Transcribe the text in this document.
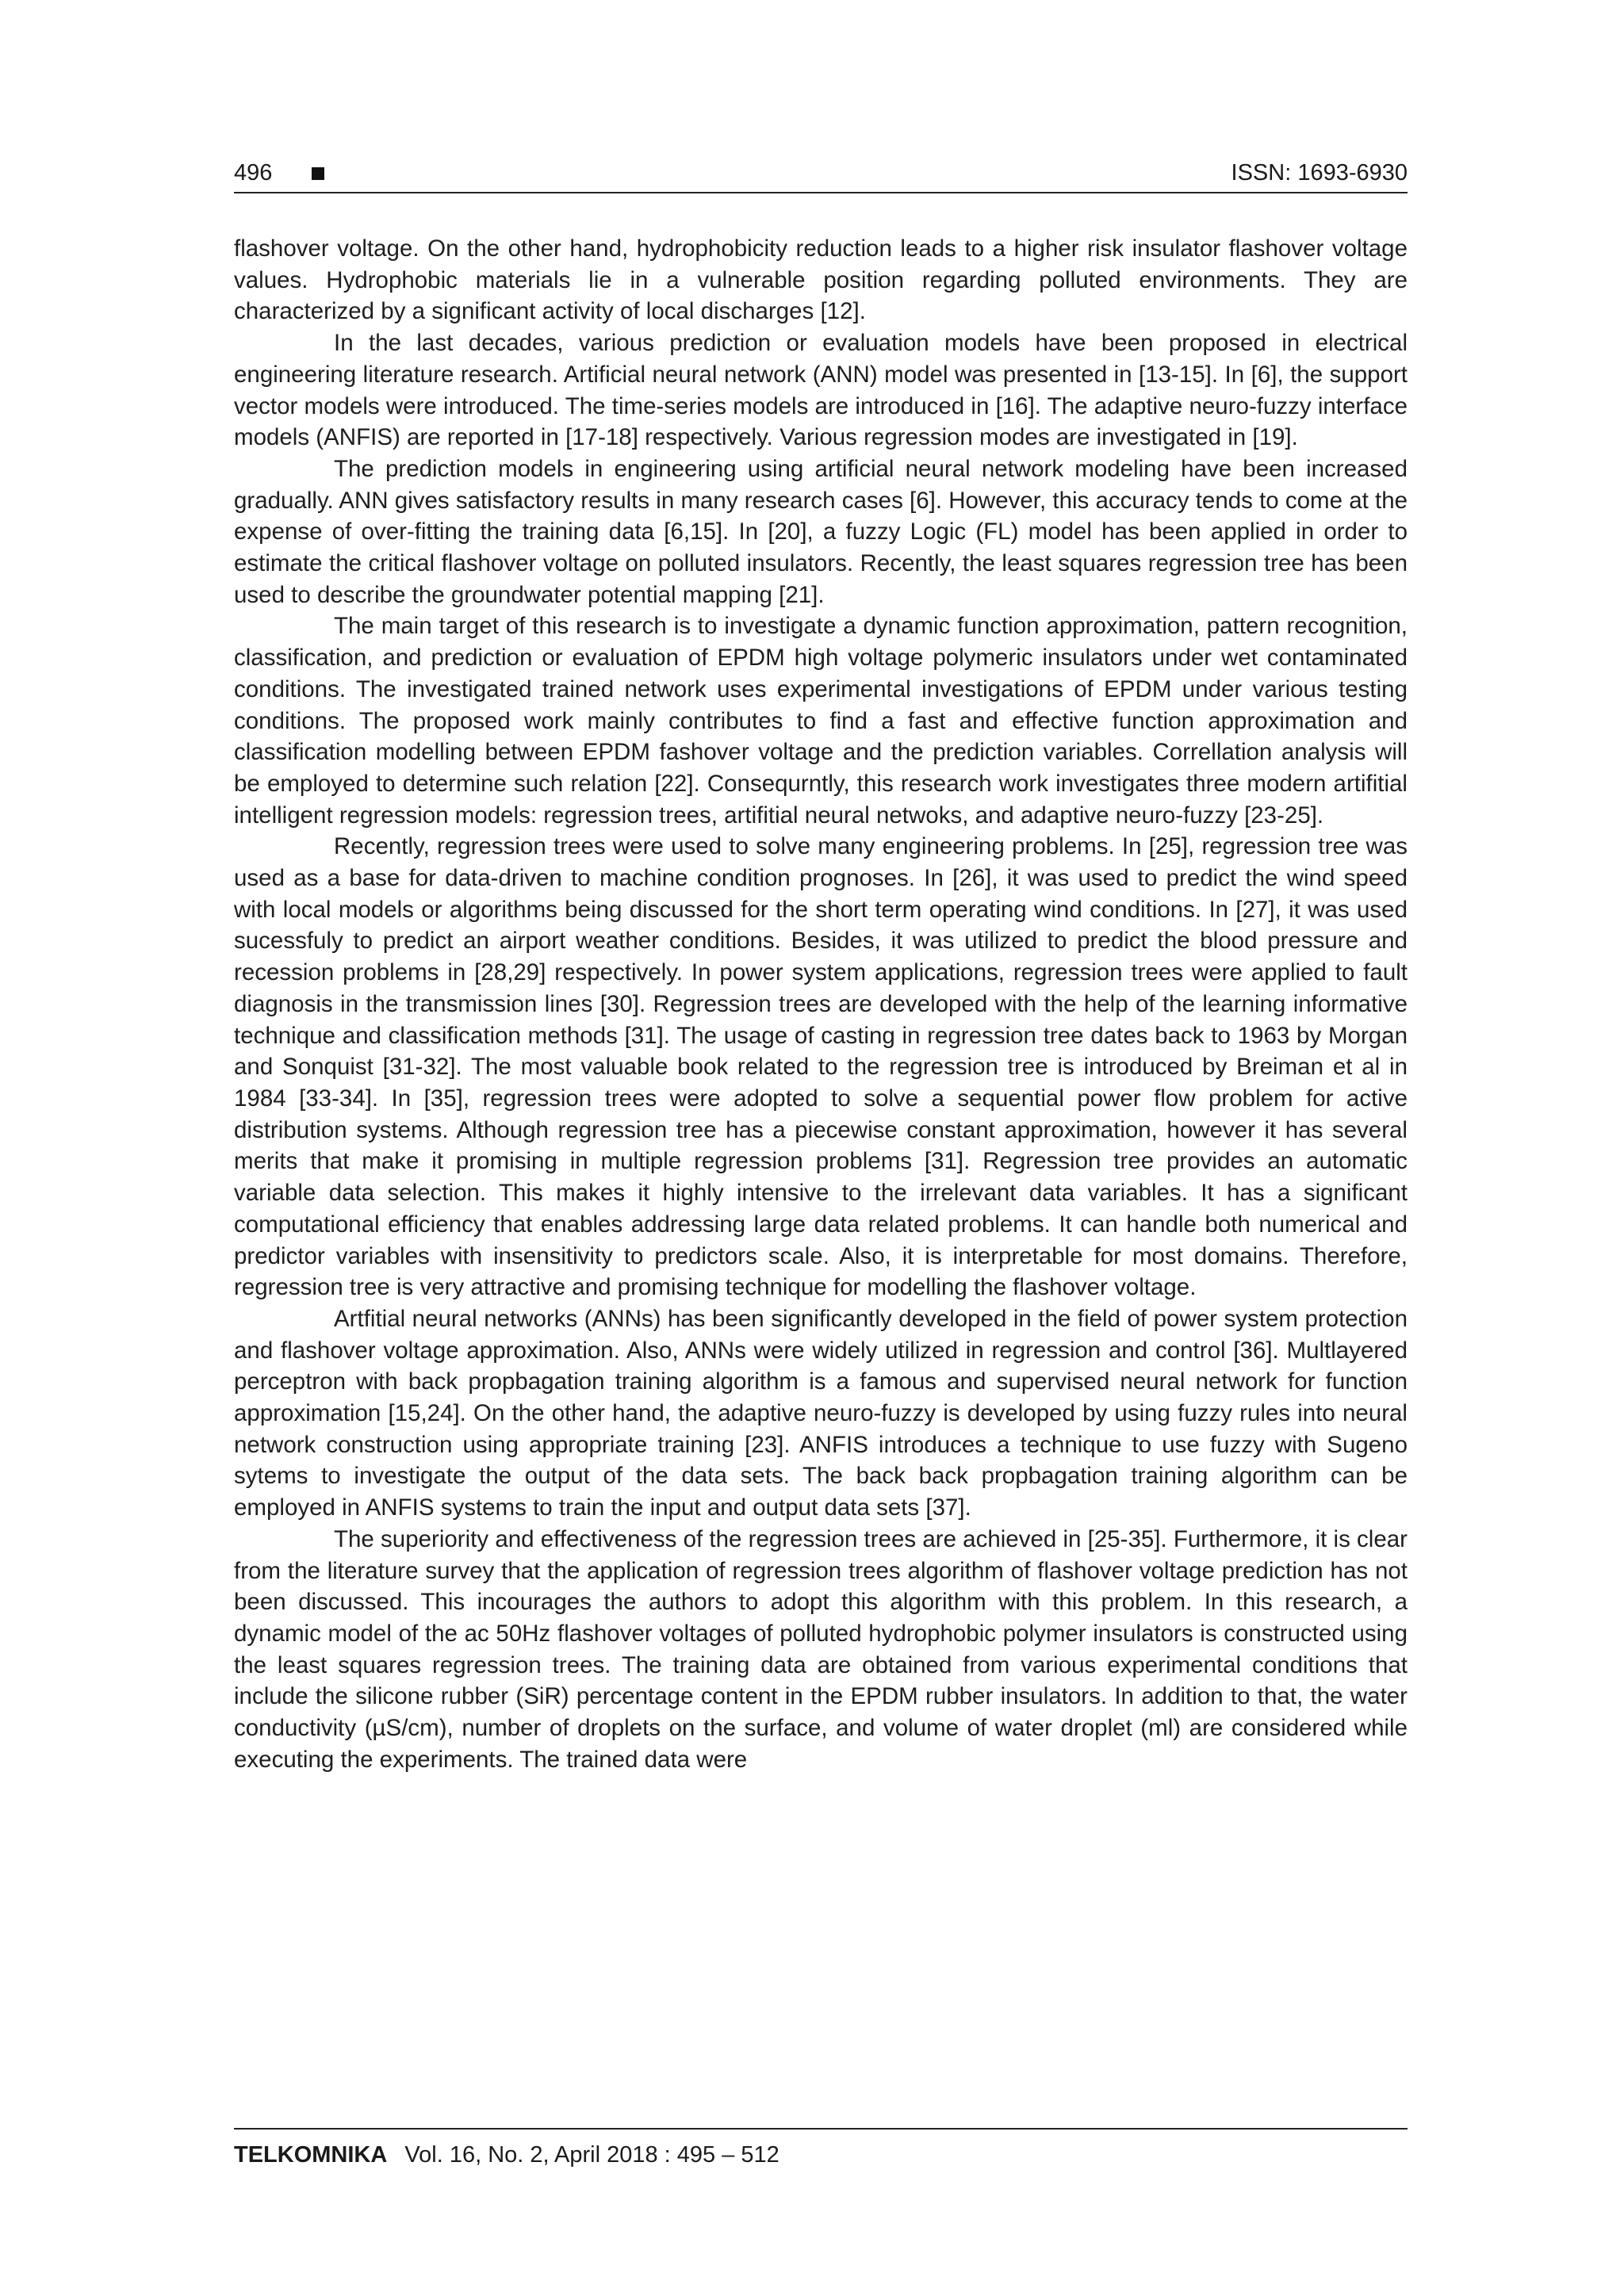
496	ISSN: 1693-6930

flashover voltage. On the other hand, hydrophobicity reduction leads to a higher risk insulator flashover voltage values. Hydrophobic materials lie in a vulnerable position regarding polluted environments. They are characterized by a significant activity of local discharges [12].

In the last decades, various prediction or evaluation models have been proposed in electrical engineering literature research. Artificial neural network (ANN) model was presented in [13-15]. In [6], the support vector models were introduced. The time-series models are introduced in [16]. The adaptive neuro-fuzzy interface models (ANFIS) are reported in [17-18] respectively. Various regression modes are investigated in [19].

The prediction models in engineering using artificial neural network modeling have been increased gradually. ANN gives satisfactory results in many research cases [6]. However, this accuracy tends to come at the expense of over-fitting the training data [6,15]. In [20], a fuzzy Logic (FL) model has been applied in order to estimate the critical flashover voltage on polluted insulators. Recently, the least squares regression tree has been used to describe the groundwater potential mapping [21].

The main target of this research is to investigate a dynamic function approximation, pattern recognition, classification, and prediction or evaluation of EPDM high voltage polymeric insulators under wet contaminated conditions. The investigated trained network uses experimental investigations of EPDM under various testing conditions. The proposed work mainly contributes to find a fast and effective function approximation and classification modelling between EPDM fashover voltage and the prediction variables. Correllation analysis will be employed to determine such relation [22]. Consequrntly, this research work investigates three modern artifitial intelligent regression models: regression trees, artifitial neural netwoks, and adaptive neuro-fuzzy [23-25].

Recently, regression trees were used to solve many engineering problems. In [25], regression tree was used as a base for data-driven to machine condition prognoses. In [26], it was used to predict the wind speed with local models or algorithms being discussed for the short term operating wind conditions. In [27], it was used sucessfuly to predict an airport weather conditions. Besides, it was utilized to predict the blood pressure and recession problems in [28,29] respectively. In power system applications, regression trees were applied to fault diagnosis in the transmission lines [30]. Regression trees are developed with the help of the learning informative technique and classification methods [31]. The usage of casting in regression tree dates back to 1963 by Morgan and Sonquist [31-32]. The most valuable book related to the regression tree is introduced by Breiman et al in 1984 [33-34]. In [35], regression trees were adopted to solve a sequential power flow problem for active distribution systems. Although regression tree has a piecewise constant approximation, however it has several merits that make it promising in multiple regression problems [31]. Regression tree provides an automatic variable data selection. This makes it highly intensive to the irrelevant data variables. It has a significant computational efficiency that enables addressing large data related problems. It can handle both numerical and predictor variables with insensitivity to predictors scale. Also, it is interpretable for most domains. Therefore, regression tree is very attractive and promising technique for modelling the flashover voltage.

Artfitial neural networks (ANNs) has been significantly developed in the field of power system protection and flashover voltage approximation. Also, ANNs were widely utilized in regression and control [36]. Multlayered perceptron with back propbagation training algorithm is a famous and supervised neural network for function approximation [15,24]. On the other hand, the adaptive neuro-fuzzy is developed by using fuzzy rules into neural network construction using appropriate training [23]. ANFIS introduces a technique to use fuzzy with Sugeno sytems to investigate the output of the data sets. The back back propbagation training algorithm can be employed in ANFIS systems to train the input and output data sets [37].

The superiority and effectiveness of the regression trees are achieved in [25-35]. Furthermore, it is clear from the literature survey that the application of regression trees algorithm of flashover voltage prediction has not been discussed. This incourages the authors to adopt this algorithm with this problem. In this research, a dynamic model of the ac 50Hz flashover voltages of polluted hydrophobic polymer insulators is constructed using the least squares regression trees. The training data are obtained from various experimental conditions that include the silicone rubber (SiR) percentage content in the EPDM rubber insulators. In addition to that, the water conductivity (µS/cm), number of droplets on the surface, and volume of water droplet (ml) are considered while executing the experiments. The trained data were

TELKOMNIKA Vol. 16, No. 2, April 2018 : 495 – 512
